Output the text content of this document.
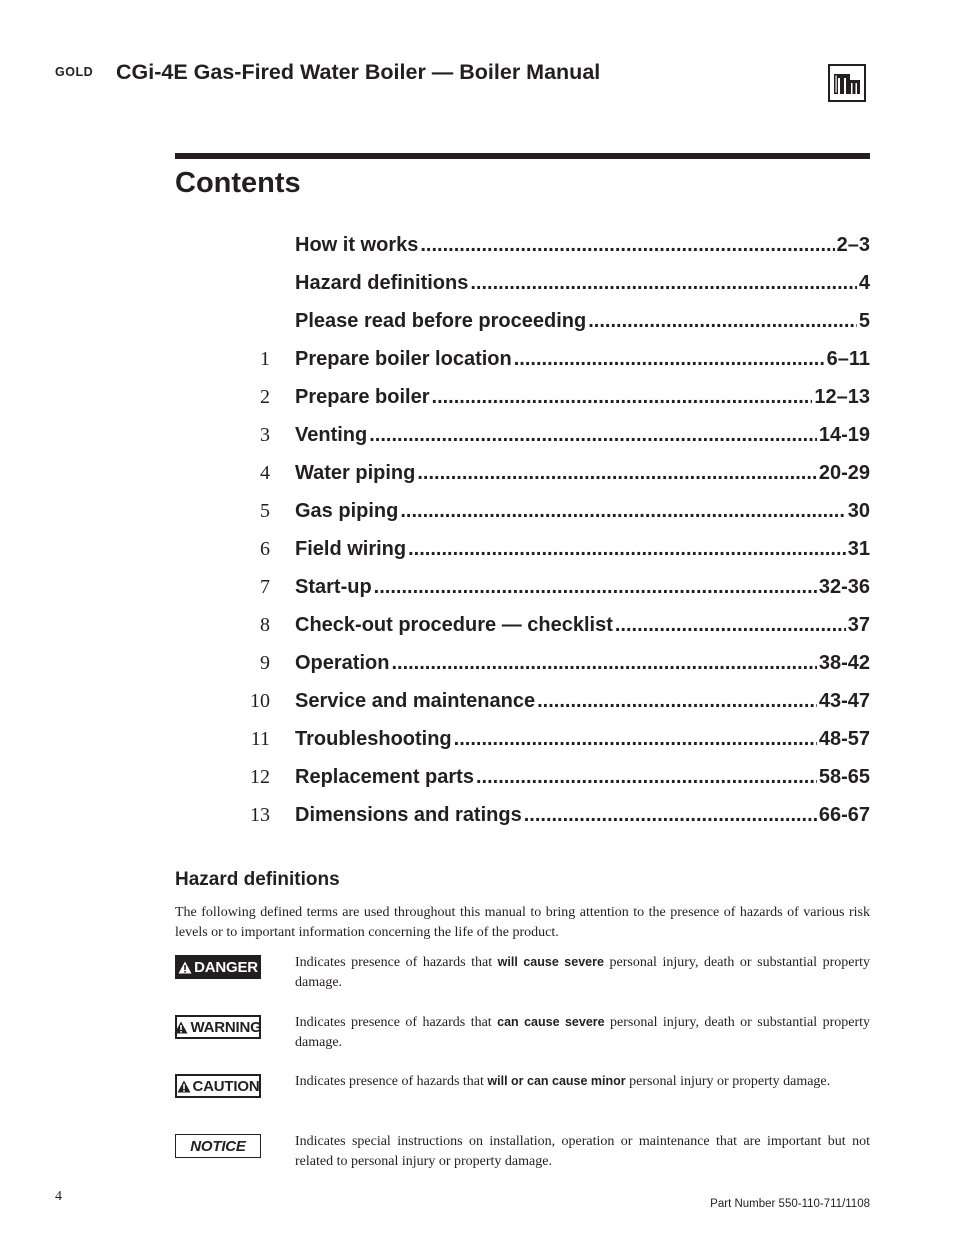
GOLD CGi-4E Gas-Fired Water Boiler — Boiler Manual
Contents
How it works .....	2–3
Hazard definitions .....	4
Please read before proceeding .....	5
1 Prepare boiler location .....	6–11
2 Prepare boiler .....	12–13
3 Venting .....	14-19
4 Water piping .....	20-29
5 Gas piping .....	30
6 Field wiring .....	31
7 Start-up .....	32-36
8 Check-out procedure — checklist .....	37
9 Operation .....	38-42
10 Service and maintenance .....	43-47
11 Troubleshooting .....	48-57
12 Replacement parts .....	58-65
13 Dimensions and ratings .....	66-67
Hazard definitions
The following defined terms are used throughout this manual to bring attention to the presence of hazards of various risk levels or to important information concerning the life of the product.
DANGER	Indicates presence of hazards that will cause severe personal injury, death or substantial property damage.
WARNING Indicates presence of hazards that can cause severe personal injury, death or substantial property damage.
CAUTION	Indicates presence of hazards that will or can cause minor personal injury or property damage.
NOTICE	Indicates special instructions on installation, operation or maintenance that are important but not related to personal injury or property damage.
4	Part Number 550-110-711/1108
